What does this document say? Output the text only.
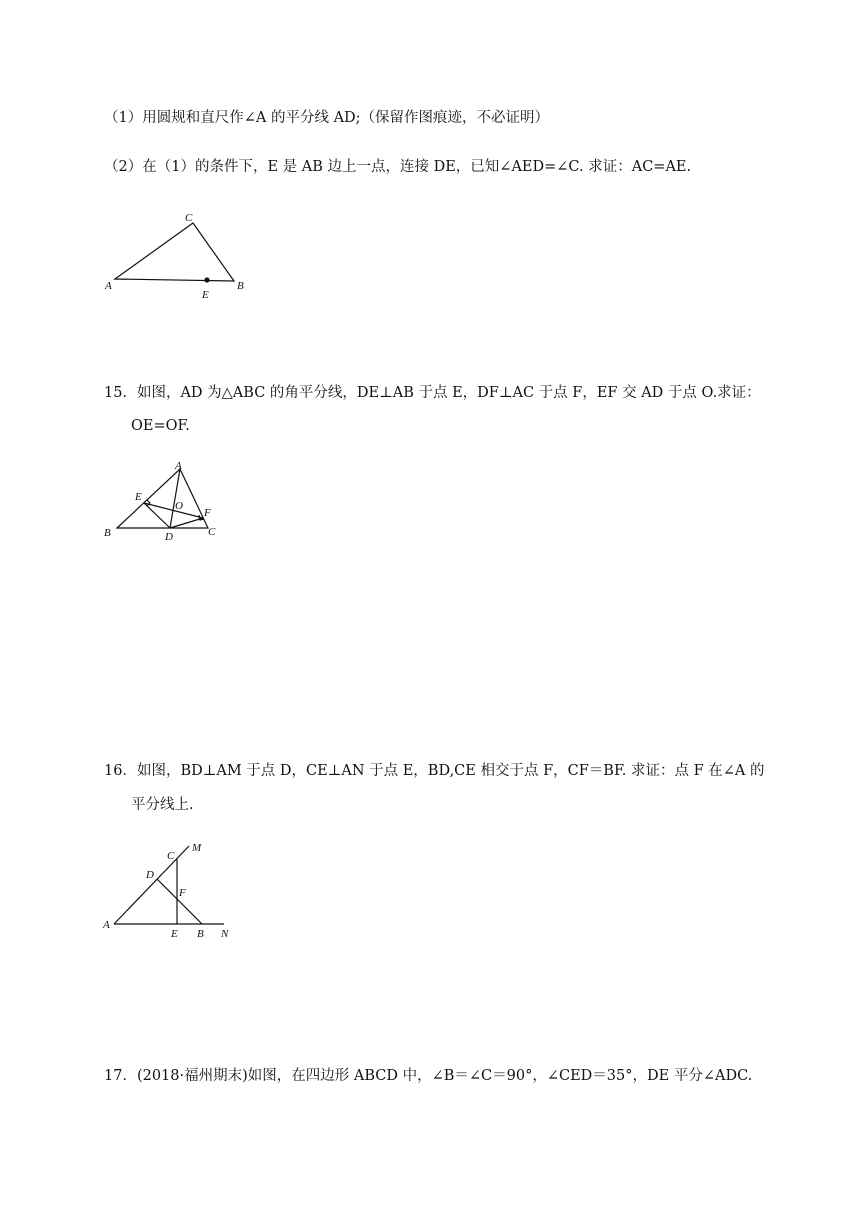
（1）用圆规和直尺作∠A 的平分线 AD;（保留作图痕迹，不必证明）
（2）在（1）的条件下，E 是 AB 边上一点，连接 DE，已知∠AED=∠C. 求证：AC=AE.
C
A	B
E
15．如图，AD 为△ABC 的角平分线，DE⊥AB 于点 E，DF⊥AC 于点 F，EF 交 AD 于点 O.求证：
OE=OF.
A
E
O
F
B	D	C
16．如图，BD⊥AM 于点 D，CE⊥AN 于点 E，BD,CE 相交于点 F，CF＝BF. 求证：点 F 在∠A 的
平分线上.
C
M
D
F
A
E B N
17．(2018·福州期末)如图，在四边形 ABCD 中，∠B＝∠C＝90°，∠CED＝35°，DE 平分∠ADC.
